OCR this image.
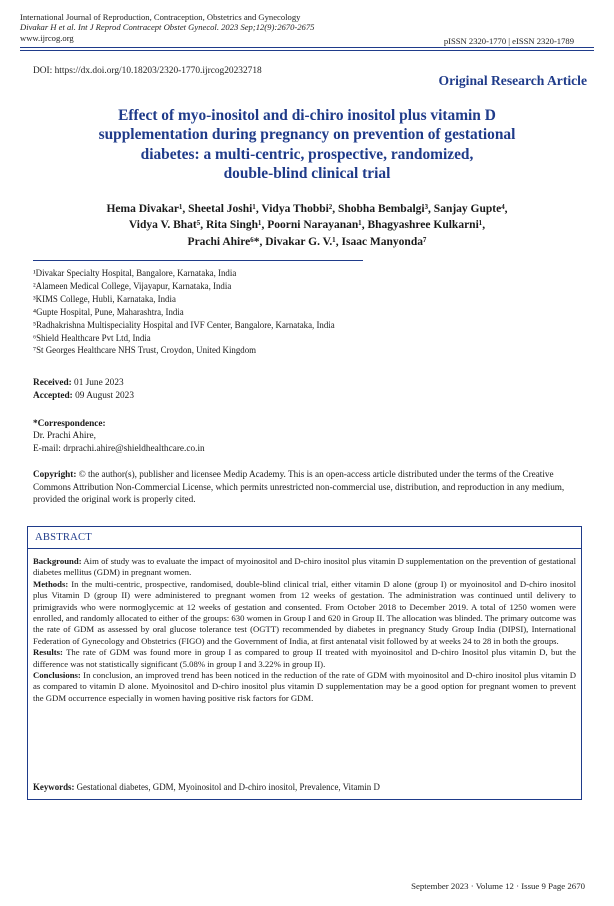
International Journal of Reproduction, Contraception, Obstetrics and Gynecology
Divakar H et al. Int J Reprod Contracept Obstet Gynecol. 2023 Sep;12(9):2670-2675
www.ijrcog.org	pISSN 2320-1770 | eISSN 2320-1789
DOI: https://dx.doi.org/10.18203/2320-1770.ijrcog20232718
Original Research Article
Effect of myo-inositol and di-chiro inositol plus vitamin D
supplementation during pregnancy on prevention of gestational
diabetes: a multi-centric, prospective, randomized,
double-blind clinical trial
Hema Divakar¹, Sheetal Joshi¹, Vidya Thobbi², Shobha Bembalgi³, Sanjay Gupte⁴,
Vidya V. Bhat⁵, Rita Singh¹, Poorni Narayanan¹, Bhagyashree Kulkarni¹,
Prachi Ahire⁶*, Divakar G. V.¹, Isaac Manyonda⁷
¹Divakar Specialty Hospital, Bangalore, Karnataka, India
²Alameen Medical College, Vijayapur, Karnataka, India
³KIMS College, Hubli, Karnataka, India
⁴Gupte Hospital, Pune, Maharashtra, India
⁵Radhakrishna Multispeciality Hospital and IVF Center, Bangalore, Karnataka, India
⁶Shield Healthcare Pvt Ltd, India
⁷St Georges Healthcare NHS Trust, Croydon, United Kingdom
Received: 01 June 2023
Accepted: 09 August 2023
*Correspondence:
Dr. Prachi Ahire,
E-mail: drprachi.ahire@shieldhealthcare.co.in
Copyright: © the author(s), publisher and licensee Medip Academy. This is an open-access article distributed under the terms of the Creative Commons Attribution Non-Commercial License, which permits unrestricted non-commercial use, distribution, and reproduction in any medium, provided the original work is properly cited.
ABSTRACT

Background: Aim of study was to evaluate the impact of myoinositol and D-chiro inositol plus vitamin D supplementation on the prevention of gestational diabetes mellitus (GDM) in pregnant women.

Methods: In the multi-centric, prospective, randomised, double-blind clinical trial, either vitamin D alone (group I) or myoinositol and D-chiro inositol plus Vitamin D (group II) were administered to pregnant women from 12 weeks of gestation. The administration was continued until delivery to primigravids who were normoglycemic at 12 weeks of gestation and consented. From October 2018 to December 2019. A total of 1250 women were enrolled, and randomly allocated to either of the groups: 630 women in Group I and 620 in Group II. The allocation was blinded. The primary outcome was the rate of GDM as assessed by oral glucose tolerance test (OGTT) recommended by diabetes in pregnancy Study Group India (DIPSI), International Federation of Gynecology and Obstetrics (FIGO) and the Government of India, at first antenatal visit followed by at weeks 24 to 28 in both the groups.

Results: The rate of GDM was found more in group I as compared to group II treated with myoinositol and D-chiro Inositol plus vitamin D, but the difference was not statistically significant (5.08% in group I and 3.22% in group II).

Conclusions: In conclusion, an improved trend has been noticed in the reduction of the rate of GDM with myoinositol and D-chiro inositol plus vitamin D as compared to vitamin D alone. Myoinositol and D-chiro inositol plus vitamin D supplementation may be a good option for pregnant women to prevent the GDM occurrence especially in women having positive risk factors for GDM.

Keywords: Gestational diabetes, GDM, Myoinositol and D-chiro inositol, Prevalence, Vitamin D
September 2023 · Volume 12 · Issue 9 Page 2670
